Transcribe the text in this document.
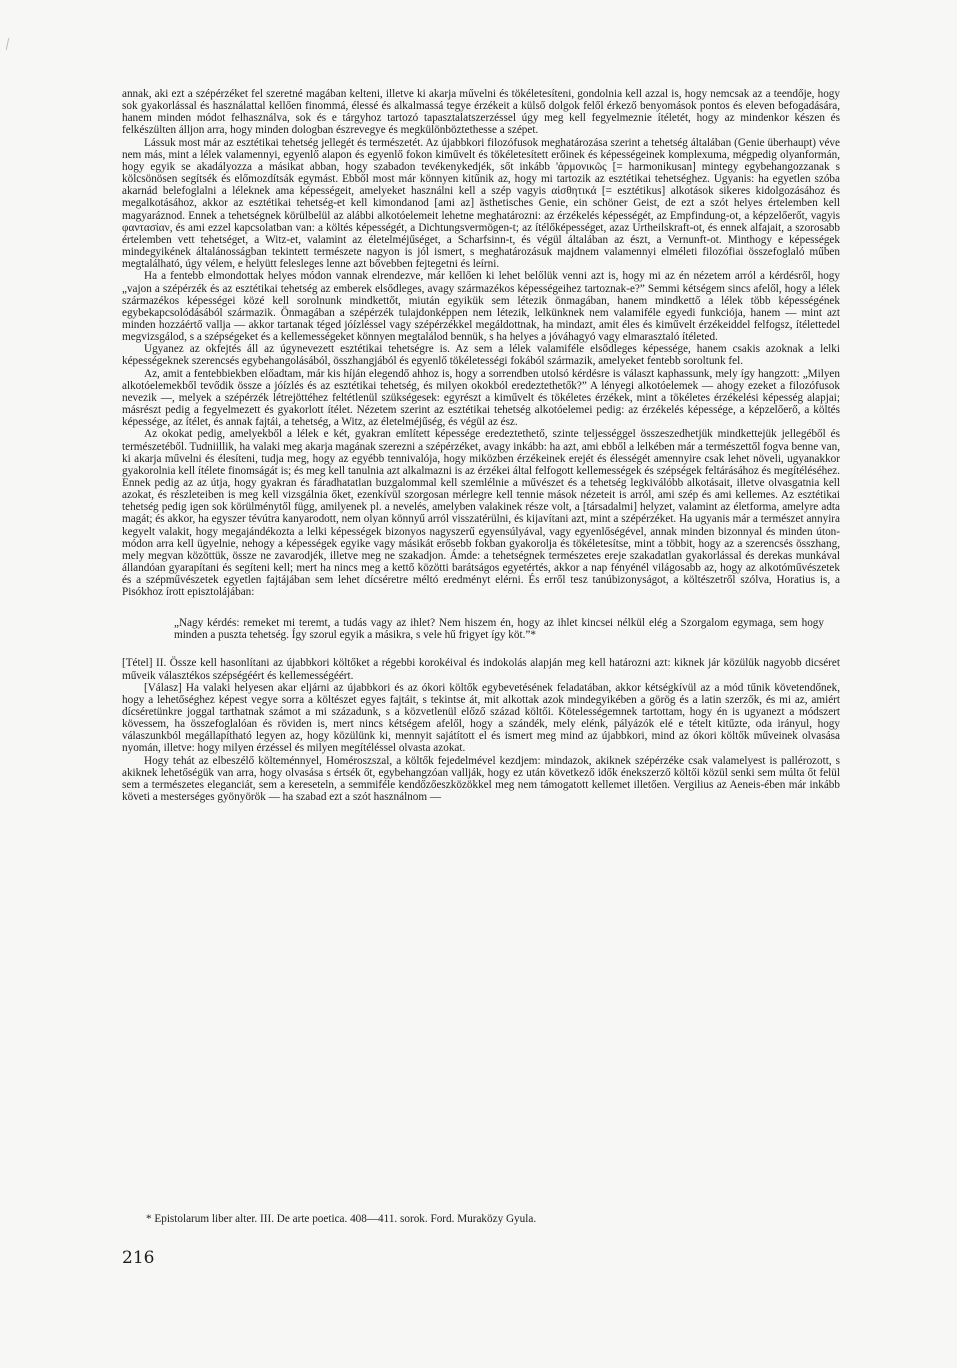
annak, aki ezt a szépérzéket fel szeretné magában kelteni, illetve ki akarja művelni és tökéletesíteni, gondolnia kell azzal is, hogy nemcsak az a teendője, hogy sok gyakorlással és használattal kellően finommá, élessé és alkalmassá tegye érzékeit a külső dolgok felől érkező benyomások pontos és eleven befogadására, hanem minden módot felhasználva, sok és e tárgyhoz tartozó tapasztalatszerzéssel úgy meg kell fegyelmeznie ítéletét, hogy az mindenkor készen és felkészülten álljon arra, hogy minden dologban észrevegye és megkülönböztethesse a szépet.

Lássuk most már az esztétikai tehetség jellegét és természetét. Az újabbkori filozófusok meghatározása szerint a tehetség általában (Genie überhaupt) véve nem más, mint a lélek valamennyi, egyenlő alapon és egyenlő fokon kiművelt és tökéletesített erőinek és képességeinek komplexuma, mégpedig olyanformán, hogy egyik se akadályozza a másikat abban, hogy szabadon tevékenykedjék, sőt inkább 'ἁρμονικῶς [= harmonikusan] mintegy egybehangozzanak s kölcsönösen segítsék és előmozdítsák egymást. Ebből most már könnyen kitűnik az, hogy mi tartozik az esztétikai tehetséghez. Ugyanis: ha egyetlen szóba akarnád belefoglalni a léleknek ama képességeit, amelyeket használni kell a szép vagyis αἰσθητικά [= esztétikus] alkotások sikeres kidolgozásához és megalkotásához, akkor az esztétikai tehetség-et kell kimondanod [ami az] ästhetisches Genie, ein schöner Geist, de ezt a szót helyes értelemben kell magyaráznod. Ennek a tehetségnek körülbelül az alábbi alkotóelemeit lehetne meghatározni: az érzékelés képességét, az Empfindung-ot, a képzelőerőt, vagyis φαντασίαν, és ami ezzel kapcsolatban van: a költés képességét, a Dichtungsvermögen-t; az ítélőképességet, azaz Urtheilskraft-ot, és ennek alfajait, a szorosabb értelemben vett tehetséget, a Witz-et, valamint az életelméjűséget, a Scharfsinn-t, és végül általában az észt, a Vernunft-ot. Minthogy e képességek mindegyikének általánosságban tekintett természete nagyon is jól ismert, s meghatározásuk majdnem valamennyi elméleti filozófiai összefoglaló műben megtalálható, úgy vélem, e helyütt felesleges lenne azt bővebben fejtegetni és leírni.

Ha a fentebb elmondottak helyes módon vannak elrendezve, már kellően ki lehet belőlük venni azt is, hogy mi az én nézetem arról a kérdésről, hogy „vajon a szépérzék és az esztétikai tehetség az emberek elsődleges, avagy származékos képességeihez tartoznak-e?” Semmi kétségem sincs afelől, hogy a lélek származékos képességei közé kell sorolnunk mindkettőt, miután egyikük sem létezik önmagában, hanem mindkettő a lélek több képességének egybekapcsolódásából származik. Önmagában a szépérzék tulajdonképpen nem létezik, lelkünknek nem valamiféle egyedi funkciója, hanem — mint azt minden hozzáértő vallja — akkor tartanak téged jóízléssel vagy szépérzékkel megáldottnak, ha mindazt, amit éles és kiművelt érzékeiddel felfogsz, ítélettedel megvizsgálod, s a szépségeket és a kellemességeket könnyen megtalálod bennük, s ha helyes a jóváhagyó vagy elmarasztaló ítéleted.

Ugyanez az okfejtés áll az úgynevezett esztétikai tehetségre is. Az sem a lélek valamiféle elsődleges képessége, hanem csakis azoknak a lelki képességeknek szerencsés egybehangolásából, összhangjából és egyenlő tökéletességi fokából származik, amelyeket fentebb soroltunk fel.

Az, amit a fentebbiekben előadtam, már kis híján elegendő ahhoz is, hogy a sorrendben utolsó kérdésre is választ kaphassunk, mely így hangzott: „Milyen alkotóelemekből tevődik össze a jóízlés és az esztétikai tehetség, és milyen okokból eredeztethetők?” A lényegi alkotóelemek — ahogy ezeket a filozófusok nevezik —, melyek a szépérzék létrejöttéhez feltétlenül szükségesek: egyrészt a kiművelt és tökéletes érzékek, mint a tökéletes érzékelési képesség alapjai; másrészt pedig a fegyelmezett és gyakorlott ítélet. Nézetem szerint az esztétikai tehetség alkotóelemei pedig: az érzékelés képessége, a képzelőerő, a költés képessége, az ítélet, és annak fajtái, a tehetség, a Witz, az életelméjűség, és végül az ész.

Az okokat pedig, amelyekből a lélek e két, gyakran említett képessége eredeztethető, szinte teljességgel összeszedhetjük mindkettejük jellegéből és természetéből. Tudniillik, ha valaki meg akarja magának szerezni a szépérzéket, avagy inkább: ha azt, ami ebből a lelkében már a természettől fogva benne van, ki akarja művelni és élesíteni, tudja meg, hogy az egyébb tennivalója, hogy miközben érzékeinek erejét és élességét amennyire csak lehet növeli, ugyanakkor gyakorolnia kell ítélete finomságát is; és meg kell tanulnia azt alkalmazni is az érzékei által felfogott kellemességek és szépségek feltárásához és megítéléséhez. Ennek pedig az az útja, hogy gyakran és fáradhatatlan buzgalommal kell szemlélnie a művészet és a tehetség legkiválóbb alkotásait, illetve olvasgatnia kell azokat, és részleteiben is meg kell vizsgálnia őket, ezenkívül szorgosan mérlegre kell tennie mások nézeteit is arról, ami szép és ami kellemes. Az esztétikai tehetség pedig igen sok körülménytől függ, amilyenek pl. a nevelés, amelyben valakinek része volt, a [társadalmi] helyzet, valamint az életforma, amelyre adta magát; és akkor, ha egyszer tévútra kanyarodott, nem olyan könnyű arról visszatérülni, és kijavítani azt, mint a szépérzéket. Ha ugyanis már a természet annyira kegyelt valakit, hogy megajándékozta a lelki képességek bizonyos nagyszerű egyensúlyával, vagy egyenlőségével, annak minden bizonnyal és minden úton-módon arra kell ügyelnie, nehogy a képességek egyike vagy másikát erősebb fokban gyakorolja és tökéletesítse, mint a többit, hogy az a szerencsés összhang, mely megvan közöttük, össze ne zavarodjék, illetve meg ne szakadjon. Ámde: a tehetségnek természetes ereje szakadatlan gyakorlással és derekas munkával állandóan gyarapítani és segíteni kell; mert ha nincs meg a kettő közötti barátságos egyetértés, akkor a nap fényénél világosabb az, hogy az alkotóművészetek és a szépművészetek egyetlen fajtájában sem lehet dícséretre méltó eredményt elérni. És erről tesz tanúbizonyságot, a költészetről szólva, Horatius is, a Pisókhoz írott episztolájában:

„Nagy kérdés: remeket mi teremt, a tudás vagy az ihlet? Nem hiszem én, hogy az ihlet kincsei nélkül elég a Szorgalom egymaga, sem hogy minden a puszta tehetség. Így szorul egyik a másikra, s vele hű frigyet így köt.”*

[Tétel] II. Össze kell hasonlítani az újabbkori költőket a régebbi korokéival és indokolás alapján meg kell határozni azt: kiknek jár közülük nagyobb dicséret műveik választékos szépségéért és kellemességéért.

[Válasz] Ha valaki helyesen akar eljárni az újabbkori és az ókori költők egybevetésének feladatában, akkor kétségkívül az a mód tűnik követendőnek, hogy a lehetőséghez képest vegye sorra a költészet egyes fajtáit, s tekintse át, mit alkottak azok mindegyikében a görög és a latin szerzők, és mi az, amiért dícséretünkre joggal tarthatnak számot a mi századunk, s a közvetlenül előző század költői. Kötelességemnek tartottam, hogy én is ugyanezt a módszert kövessem, ha összefoglalóan és röviden is, mert nincs kétségem afelől, hogy a szándék, mely elénk, pályázók elé e tételt kitűzte, oda irányul, hogy válaszunkból megállapítható legyen az, hogy közülünk ki, mennyit sajátított el és ismert meg mind az újabbkori, mind az ókori költők műveinek olvasása nyomán, illetve: hogy milyen érzéssel és milyen megítéléssel olvasta azokat.

Hogy tehát az elbeszélő költeménnyel, Homéroszszal, a költők fejedelmével kezdjem: mindazok, akiknek szépérzéke csak valamelyest is pallérozott, s akiknek lehetőségük van arra, hogy olvasása s értsék őt, egybehangzóan vallják, hogy ez után következő idők énekszerző költői közül senki sem múlta őt felül sem a természetes eleganciát, sem a kereseteln, a semmiféle kendőzőeszközökkel meg nem támogatott kellemet illetően. Vergilius az Aeneis-ében már inkább követi a mesterséges gyönyörök — ha szabad ezt a szót használnom —

* Epistolarum liber alter. III. De arte poetica. 408—411. sorok. Ford. Muraközy Gyula.
216
